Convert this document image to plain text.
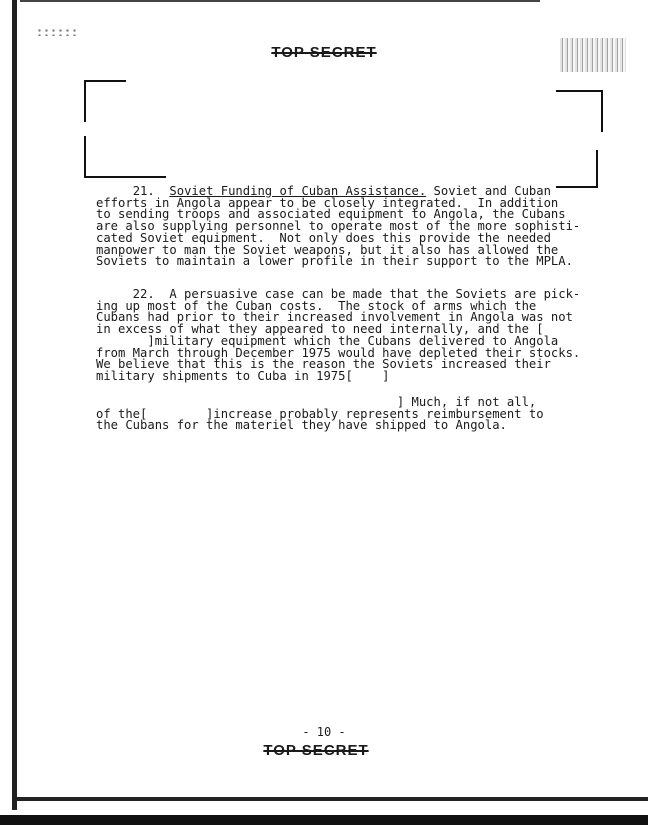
TOP SECRET
21. Soviet Funding of Cuban Assistance. Soviet and Cuban
efforts in Angola appear to be closely integrated.  In addition
to sending troops and associated equipment to Angola, the Cubans
are also supplying personnel to operate most of the more sophisti-
cated Soviet equipment.  Not only does this provide the needed
manpower to man the Soviet weapons, but it also has allowed the
Soviets to maintain a lower profile in their support to the MPLA.
22.  A persuasive case can be made that the Soviets are pick-
ing up most of the Cuban costs.  The stock of arms which the
Cubans had prior to their increased involvement in Angola was not
in excess of what they appeared to need internally, and the [
]military equipment which the Cubans delivered to Angola
from March through December 1975 would have depleted their stocks.
We believe that this is the reason the Soviets increased their
military shipments to Cuba in 1975[    ]
] Much, if not all,
of the[        ]increase probably represents reimbursement to
the Cubans for the materiel they have shipped to Angola.
- 10 -
TOP SECRET
